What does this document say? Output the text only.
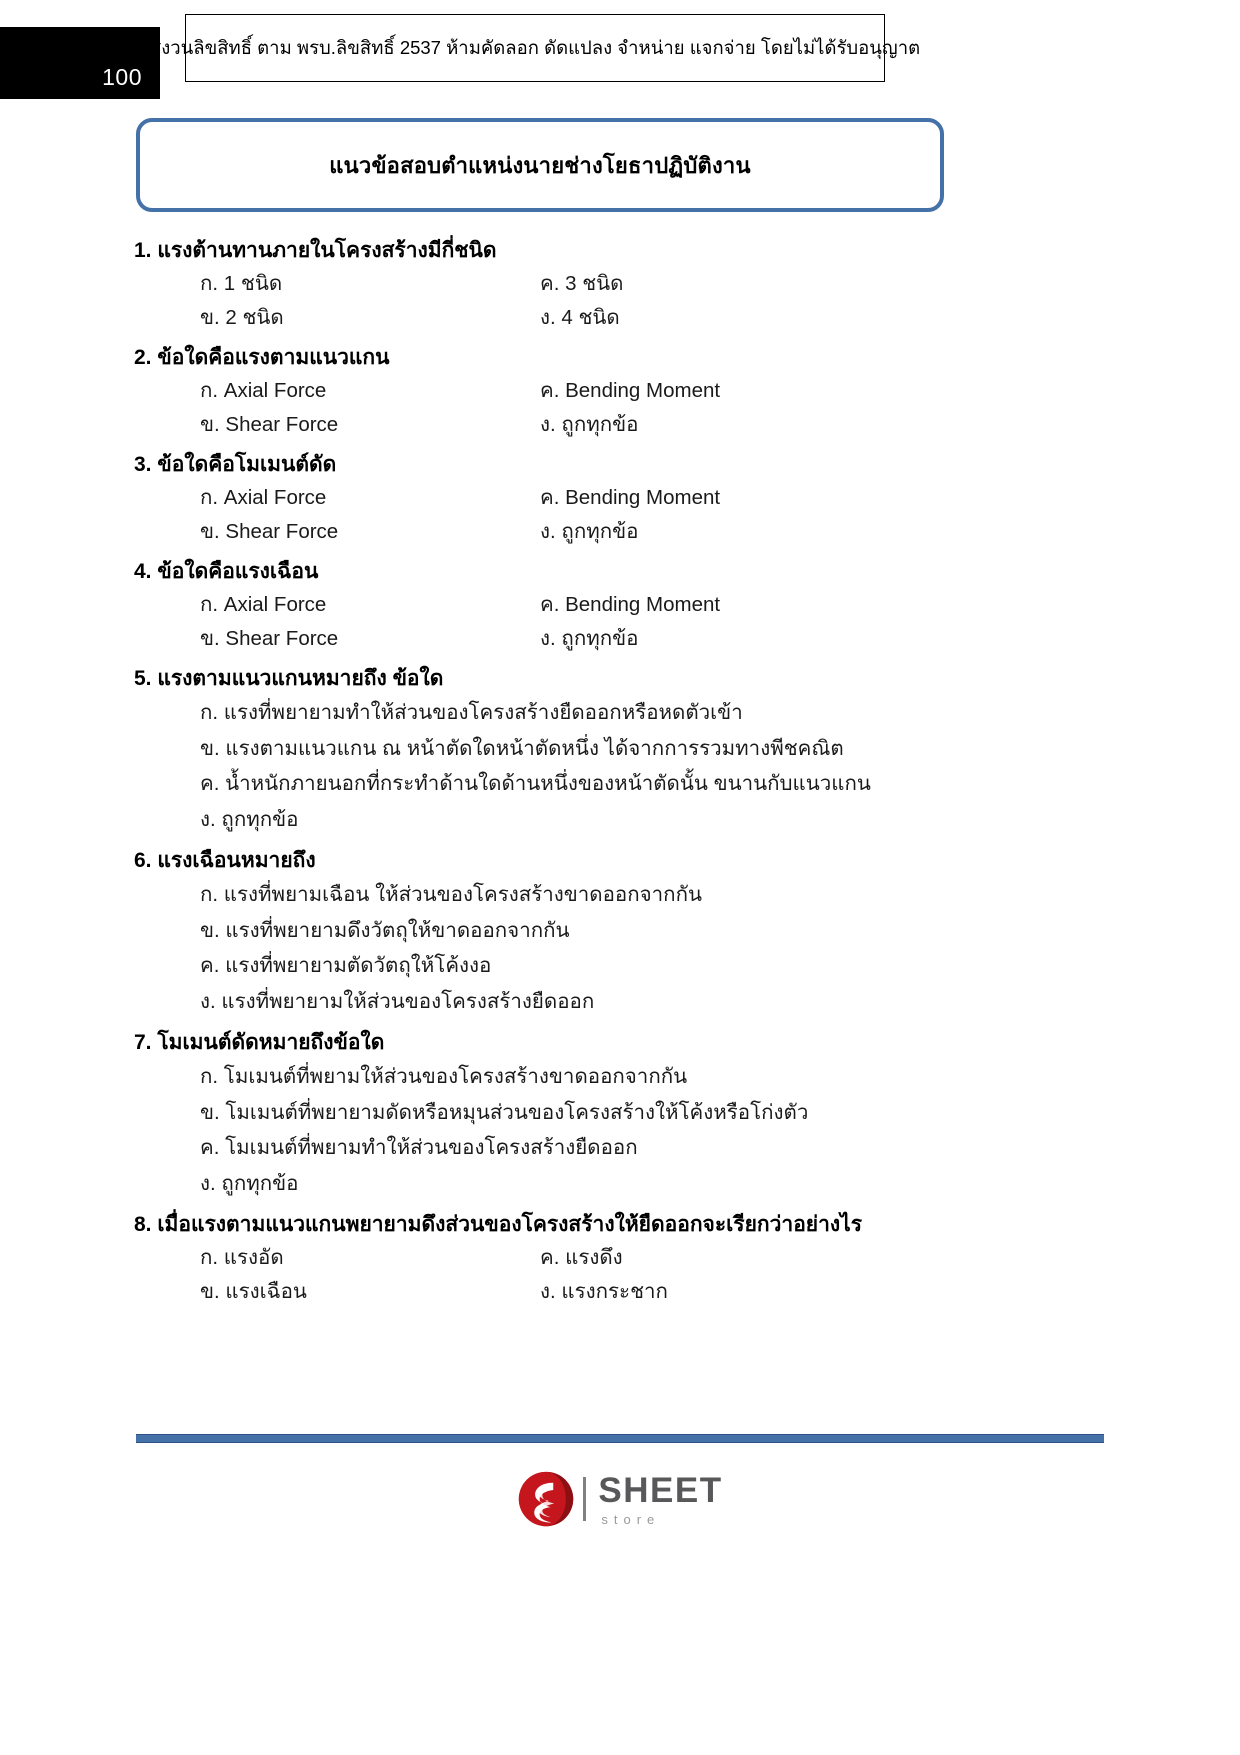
100
สงวนลิขสิทธิ์ ตาม พรบ.ลิขสิทธิ์ 2537 ห้ามคัดลอก ดัดแปลง จำหน่าย แจกจ่าย โดยไม่ได้รับอนุญาต
แนวข้อสอบตำแหน่งนายช่างโยธาปฏิบัติงาน
1. แรงต้านทานภายในโครงสร้างมีกี่ชนิด
ก. 1 ชนิด	ค. 3 ชนิด
ข. 2 ชนิด	ง. 4 ชนิด
2. ข้อใดคือแรงตามแนวแกน
ก. Axial Force	ค. Bending Moment
ข. Shear Force	ง. ถูกทุกข้อ
3. ข้อใดคือโมเมนต์ดัด
ก. Axial Force	ค. Bending Moment
ข. Shear Force	ง. ถูกทุกข้อ
4. ข้อใดคือแรงเฉือน
ก. Axial Force	ค. Bending Moment
ข. Shear Force	ง. ถูกทุกข้อ
5. แรงตามแนวแกนหมายถึง ข้อใด
ก. แรงที่พยายามทำให้ส่วนของโครงสร้างยืดออกหรือหดตัวเข้า
ข. แรงตามแนวแกน ณ หน้าตัดใดหน้าตัดหนึ่ง ได้จากการรวมทางพีชคณิต
ค. น้ำหนักภายนอกที่กระทำด้านใดด้านหนึ่งของหน้าตัดนั้น ขนานกับแนวแกน
ง. ถูกทุกข้อ
6. แรงเฉือนหมายถึง
ก. แรงที่พยามเฉือน ให้ส่วนของโครงสร้างขาดออกจากกัน
ข. แรงที่พยายามดึงวัตถุให้ขาดออกจากกัน
ค. แรงที่พยายามตัดวัตถุให้โค้งงอ
ง. แรงที่พยายามให้ส่วนของโครงสร้างยืดออก
7. โมเมนต์ดัดหมายถึงข้อใด
ก. โมเมนต์ที่พยามให้ส่วนของโครงสร้างขาดออกจากกัน
ข. โมเมนต์ที่พยายามดัดหรือหมุนส่วนของโครงสร้างให้โค้งหรือโก่งตัว
ค. โมเมนต์ที่พยามทำให้ส่วนของโครงสร้างยืดออก
ง. ถูกทุกข้อ
8. เมื่อแรงตามแนวแกนพยายามดึงส่วนของโครงสร้างให้ยืดออกจะเรียกว่าอย่างไร
ก. แรงอัด	ค. แรงดึง
ข. แรงเฉือน	ง. แรงกระชาก
SHEET
store
